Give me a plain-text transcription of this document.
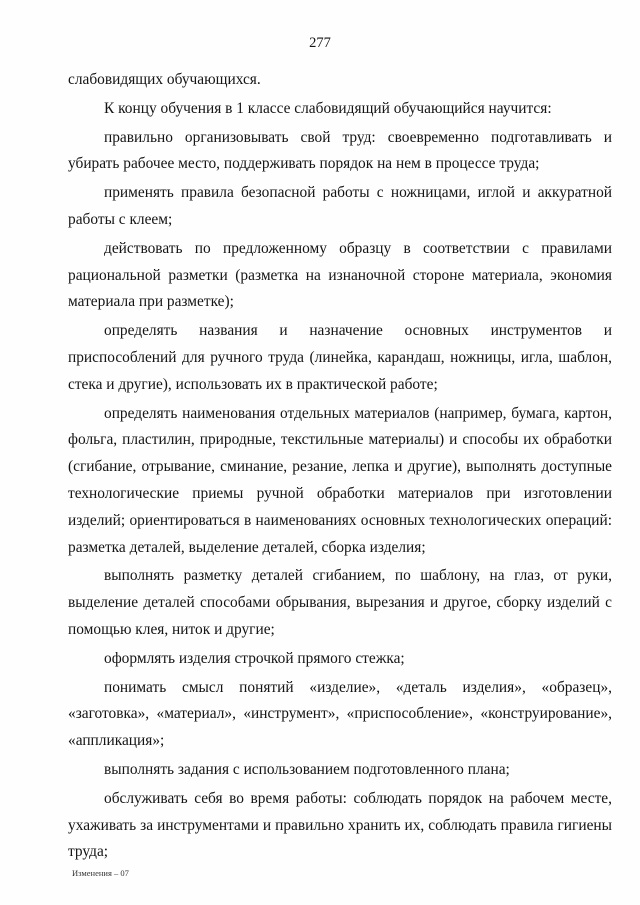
277

слабовидящих обучающихся.

К концу обучения в 1 классе слабовидящий обучающийся научится:

правильно организовывать свой труд: своевременно подготавливать и убирать рабочее место, поддерживать порядок на нем в процессе труда;

применять правила безопасной работы с ножницами, иглой и аккуратной работы с клеем;

действовать по предложенному образцу в соответствии с правилами рациональной разметки (разметка на изнаночной стороне материала, экономия материала при разметке);

определять названия и назначение основных инструментов и приспособлений для ручного труда (линейка, карандаш, ножницы, игла, шаблон, стека и другие), использовать их в практической работе;

определять наименования отдельных материалов (например, бумага, картон, фольга, пластилин, природные, текстильные материалы) и способы их обработки (сгибание, отрывание, сминание, резание, лепка и другие), выполнять доступные технологические приемы ручной обработки материалов при изготовлении изделий; ориентироваться в наименованиях основных технологических операций: разметка деталей, выделение деталей, сборка изделия;

выполнять разметку деталей сгибанием, по шаблону, на глаз, от руки, выделение деталей способами обрывания, вырезания и другое, сборку изделий с помощью клея, ниток и другие;

оформлять изделия строчкой прямого стежка;

понимать смысл понятий «изделие», «деталь изделия», «образец», «заготовка», «материал», «инструмент», «приспособление», «конструирование», «аппликация»;

выполнять задания с использованием подготовленного плана;

обслуживать себя во время работы: соблюдать порядок на рабочем месте, ухаживать за инструментами и правильно хранить их, соблюдать правила гигиены труда;

Изменения – 07
